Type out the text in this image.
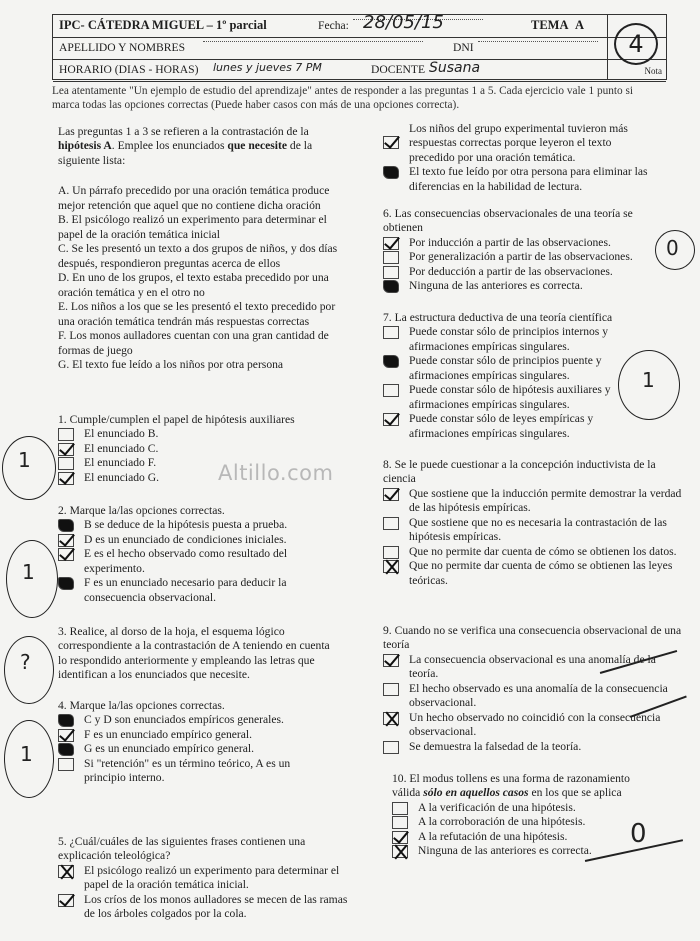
IPC- CÁTEDRA MIGUEL – 1º parcial	Fecha: 28/05/15	TEMA A
APELLIDO Y NOMBRES	DNI
HORARIO (DIAS - HORAS) lunes y jueves 7 PM	DOCENTE Susana
4
Nota

Lea atentamente "Un ejemplo de estudio del aprendizaje" antes de responder a las preguntas 1 a 5. Cada ejercicio vale 1 punto si marca todas las opciones correctas (Puede haber casos con más de una opciones correcta).

Las preguntas 1 a 3 se refieren a la contrastación de la

hipótesis A. Emplee los enunciados que necesite de la

siguiente lista:

A. Un párrafo precedido por una oración temática produce mejor retención que aquel que no contiene dicha oración

B. El psicólogo realizó un experimento para determinar el papel de la oración temática inicial

C. Se les presentó un texto a dos grupos de niños, y dos días después, respondieron preguntas acerca de ellos

D. En uno de los grupos, el texto estaba precedido por una oración temática y en el otro no

E. Los niños a los que se les presentó el texto precedido por una oración temática tendrán más respuestas correctas

F. Los monos aulladores cuentan con una gran cantidad de formas de juego

G. El texto fue leído a los niños por otra persona

1. Cumple/cumplen el papel de hipótesis auxiliares

El enunciado B.
El enunciado C.
El enunciado F.
El enunciado G.

2. Marque la/las opciones correctas.

B se deduce de la hipótesis puesta a prueba.
D es un enunciado de condiciones iniciales.
E es el hecho observado como resultado del experimento.
F es un enunciado necesario para deducir la consecuencia observacional.

3. Realice, al dorso de la hoja, el esquema lógico correspondiente a la contrastación de A teniendo en cuenta lo respondido anteriormente y empleando las letras que identifican a los enunciados que necesite.

4. Marque la/las opciones correctas.

C y D son enunciados empíricos generales.
F es un enunciado empírico general.
G es un enunciado empírico general.
Si "retención" es un término teórico, A es un principio interno.

5. ¿Cuál/cuáles de las siguientes frases contienen una explicación teleológica?

El psicólogo realizó un experimento para determinar el papel de la oración temática inicial.
Los críos de los monos aulladores se mecen de las ramas de los árboles colgados por la cola.
Los niños del grupo experimental tuvieron más respuestas correctas porque leyeron el texto precedido por una oración temática.
El texto fue leído por otra persona para eliminar las diferencias en la habilidad de lectura.

6. Las consecuencias observacionales de una teoría se obtienen

Por inducción a partir de las observaciones.
Por generalización a partir de las observaciones.
Por deducción a partir de las observaciones.
Ninguna de las anteriores es correcta.

7. La estructura deductiva de una teoría científica

Puede constar sólo de principios internos y afirmaciones empíricas singulares.
Puede constar sólo de principios puente y afirmaciones empíricas singulares.
Puede constar sólo de hipótesis auxiliares y afirmaciones empíricas singulares.
Puede constar sólo de leyes empíricas y afirmaciones empíricas singulares.

8. Se le puede cuestionar a la concepción inductivista de la ciencia

Que sostiene que la inducción permite demostrar la verdad de las hipótesis empíricas.
Que sostiene que no es necesaria la contrastación de las hipótesis empíricas.
Que no permite dar cuenta de cómo se obtienen los datos.
Que no permite dar cuenta de cómo se obtienen las leyes teóricas.

9. Cuando no se verifica una consecuencia observacional de una teoría

La consecuencia observacional es una anomalía de la teoría.
El hecho observado es una anomalía de la consecuencia observacional.
Un hecho observado no coincidió con la consecuencia observacional.
Se demuestra la falsedad de la teoría.

10. El modus tollens es una forma de razonamiento

válida sólo en aquellos casos en los que se aplica

A la verificación de una hipótesis.
A la corroboración de una hipótesis.
A la refutación de una hipótesis.
Ninguna de las anteriores es correcta.
Altillo.com
1
1
?
1
0
1
0
